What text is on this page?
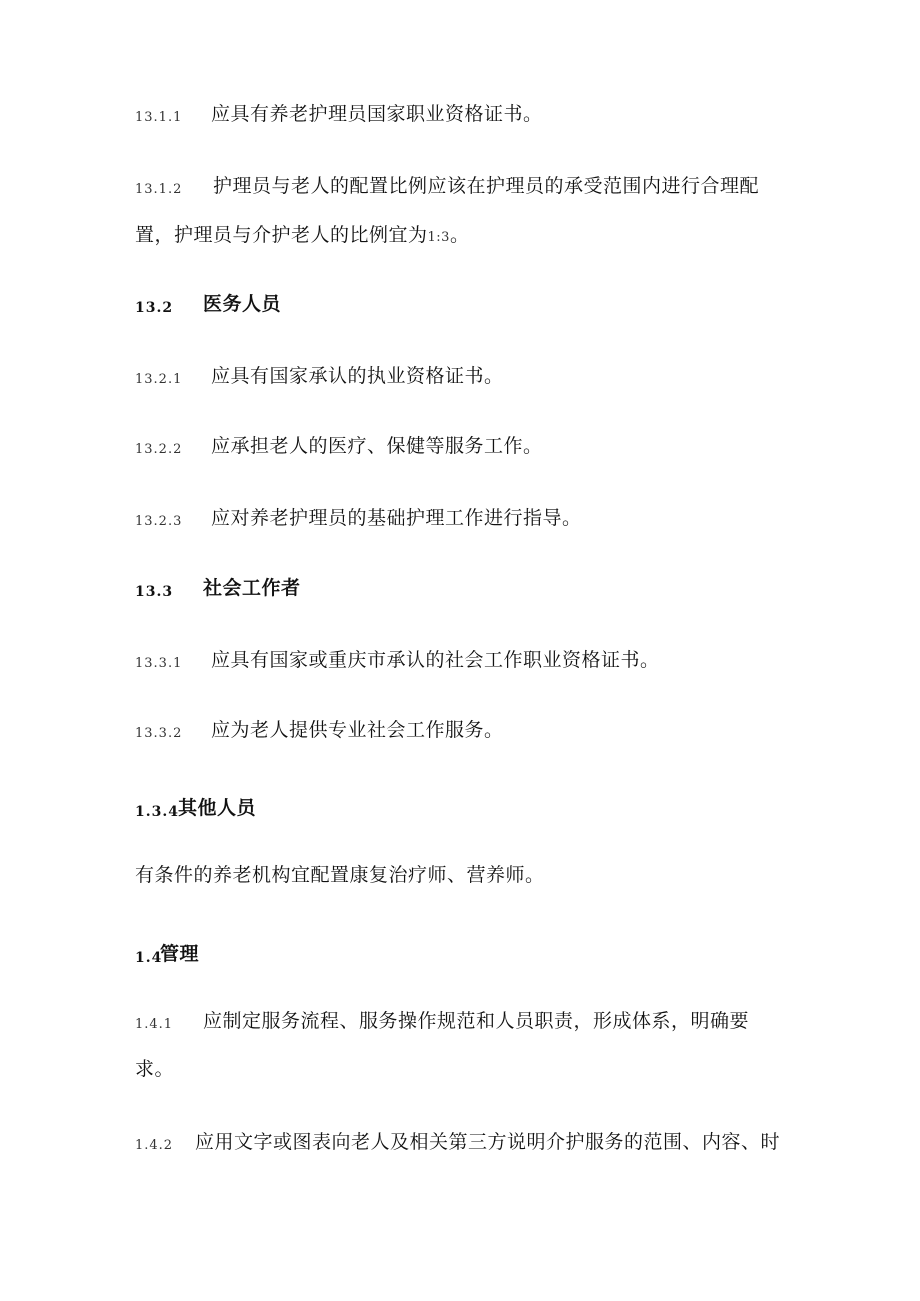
13.1.1 应具有养老护理员国家职业资格证书。
13.1.2 护理员与老人的配置比例应该在护理员的承受范围内进行合理配
置，护理员与介护老人的比例宜为1:3。
13.2 医务人员
13.2.1 应具有国家承认的执业资格证书。
13.2.2 应承担老人的医疗、保健等服务工作。
13.2.3 应对养老护理员的基础护理工作进行指导。
13.3 社会工作者
13.3.1 应具有国家或重庆市承认的社会工作职业资格证书。
13.3.2 应为老人提供专业社会工作服务。
1.3.4 其他人员
有条件的养老机构宜配置康复治疗师、营养师。
1.4
管理
1.4.1 应制定服务流程、服务操作规范和人员职责，形成体系，明确要
求。
1.4.2 应用文字或图表向老人及相关第三方说明介护服务的范围、内容、时
